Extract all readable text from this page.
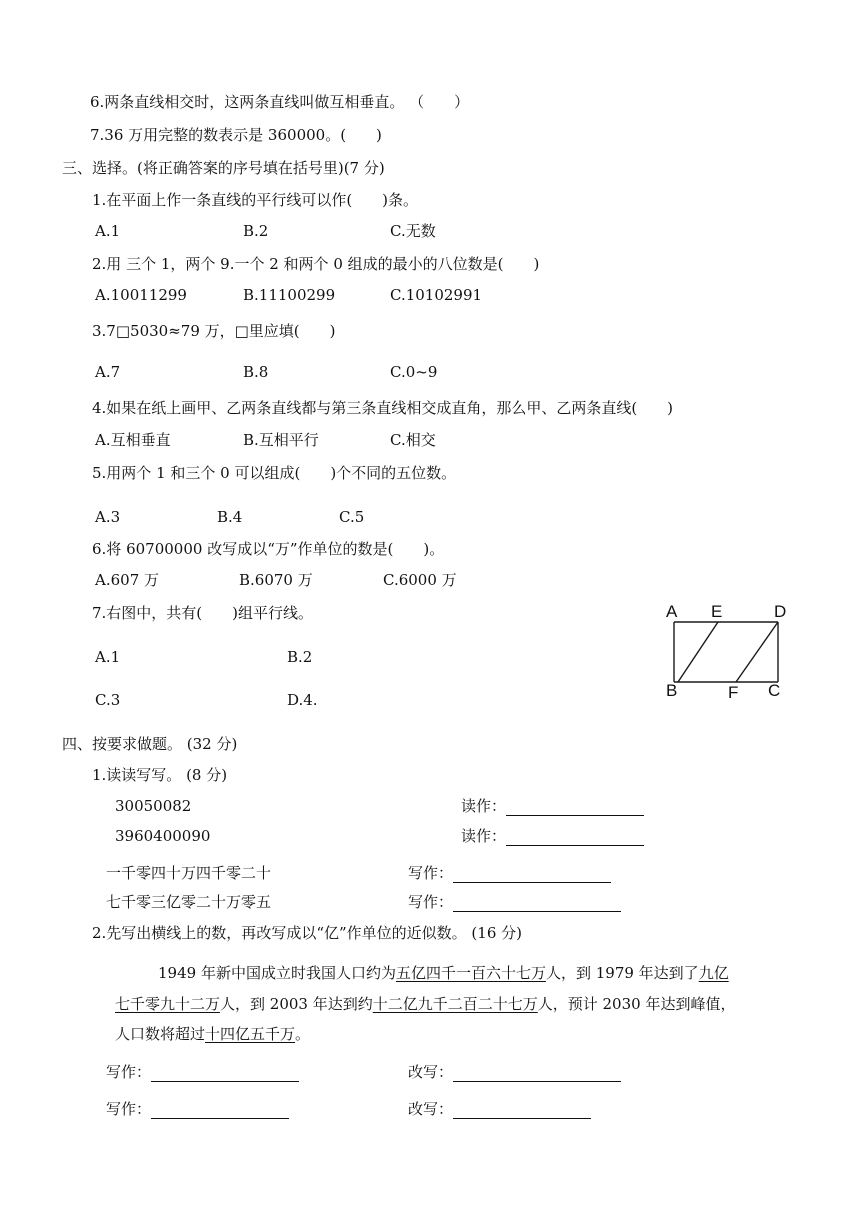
6.两条直线相交时，这两条直线叫做互相垂直。 （　　）
7.36 万用完整的数表示是 360000。(　　)
三、选择。(将正确答案的序号填在括号里)(7 分)
1.在平面上作一条直线的平行线可以作(　　)条。
A.1	B.2	C.无数
2.用 三个 1，两个 9.一个 2 和两个 0 组成的最小的八位数是(　　)
A.10011299	B.11100299	C.10102991
3.7□5030≈79 万，□里应填(　　)
A.7	B.8	C.0~9
4.如果在纸上画甲、乙两条直线都与第三条直线相交成直角，那么甲、乙两条直线(　　)
A.互相垂直	B.互相平行	C.相交
5.用两个 1 和三个 0 可以组成(　　)个不同的五位数。
A.3	B.4	C.5
6.将 60700000 改写成以“万”作单位的数是(　　)。
A.607 万	B.6070 万	C.6000 万
7.右图中，共有(　　)组平行线。
A.1	B.2
C.3	D.4.
A E	D
B	F C
四、按要求做题。 (32 分)
1.读读写写。 (8 分)
30050082	读作：
3960400090	读作：
一千零四十万四千零二十	写作：
七千零三亿零二十万零五	写作：
2.先写出横线上的数，再改写成以“亿”作单位的近似数。 (16 分)
1949 年新中国成立时我国人口约为五亿四千一百六十七万人，到 1979 年达到了九亿
七千零九十二万人，到 2003 年达到约十二亿九千二百二十七万人，预计 2030 年达到峰值，
人口数将超过十四亿五千万。
写作：	改写：
写作：	改写：
